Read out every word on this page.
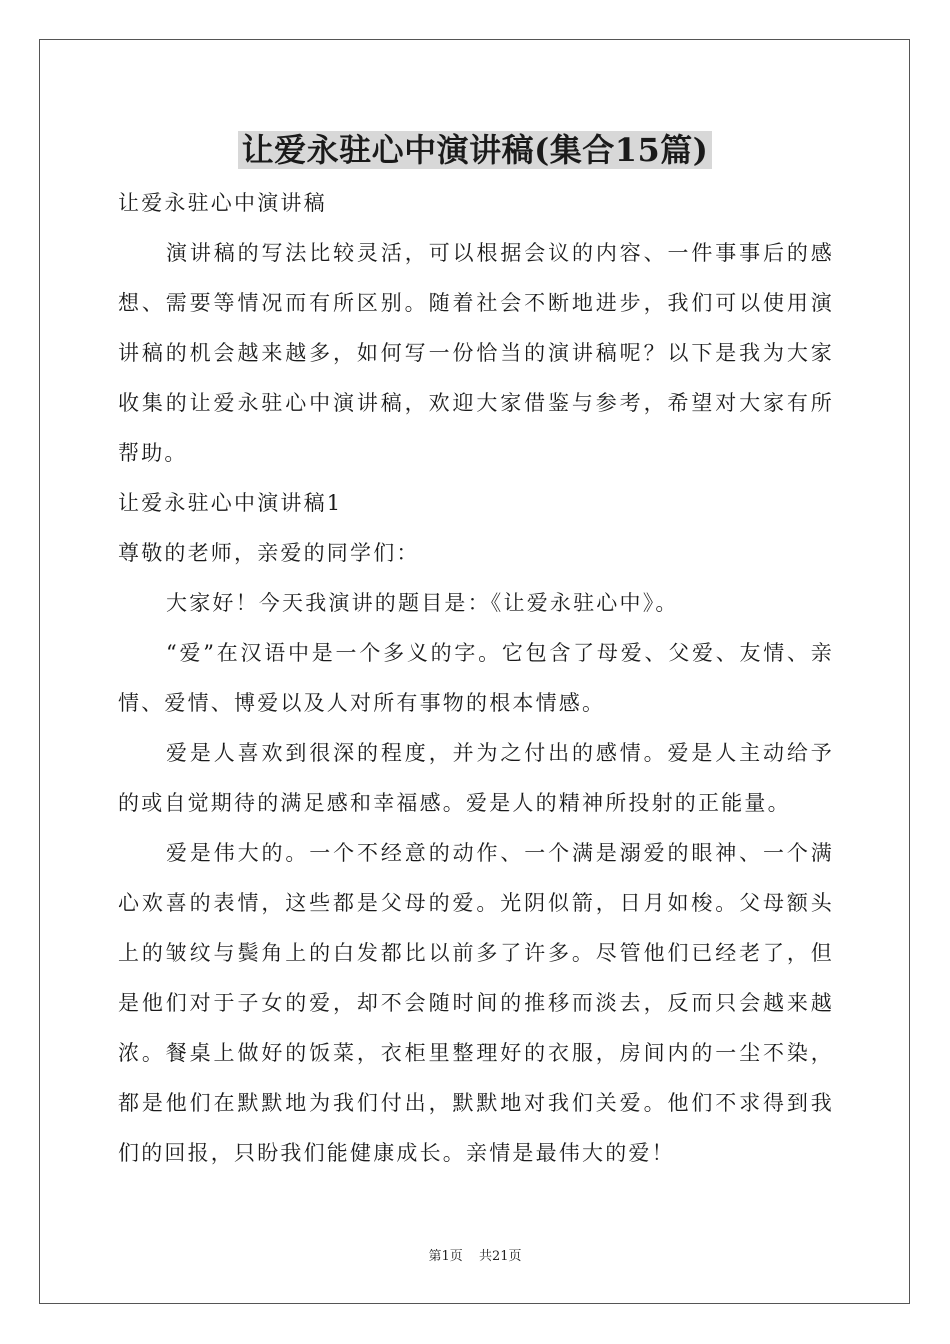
让爱永驻心中演讲稿(集合15篇)

让爱永驻心中演讲稿

演讲稿的写法比较灵活，可以根据会议的内容、一件事事后的感想、需要等情况而有所区别。随着社会不断地进步，我们可以使用演讲稿的机会越来越多，如何写一份恰当的演讲稿呢？以下是我为大家收集的让爱永驻心中演讲稿，欢迎大家借鉴与参考，希望对大家有所帮助。

让爱永驻心中演讲稿1

尊敬的老师，亲爱的同学们：

大家好！今天我演讲的题目是：《让爱永驻心中》。

“爱”在汉语中是一个多义的字。它包含了母爱、父爱、友情、亲情、爱情、博爱以及人对所有事物的根本情感。

爱是人喜欢到很深的程度，并为之付出的感情。爱是人主动给予的或自觉期待的满足感和幸福感。爱是人的精神所投射的正能量。

爱是伟大的。一个不经意的动作、一个满是溺爱的眼神、一个满心欢喜的表情，这些都是父母的爱。光阴似箭，日月如梭。父母额头上的皱纹与鬓角上的白发都比以前多了许多。尽管他们已经老了，但是他们对于子女的爱，却不会随时间的推移而淡去，反而只会越来越浓。餐桌上做好的饭菜，衣柜里整理好的衣服，房间内的一尘不染，都是他们在默默地为我们付出，默默地对我们关爱。他们不求得到我们的回报，只盼我们能健康成长。亲情是最伟大的爱！

第1页 共21页
